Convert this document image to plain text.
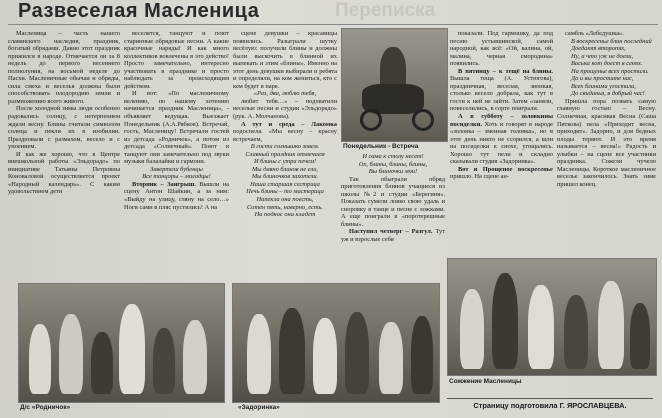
Развеселая Масленица	Переписка

Масленица – часть нашего славянского наследия, праздник, богатый обрядами. Давно этот праздник прижился в народе. Отмечается он за 8 недель до первого весеннего полнолуния, на восьмой неделе до Пасхи. Масленичные обычаи и обряды, сила смеха и веселья должны были способствовать плодородию земли и размножению всего живого.

После холодной зимы люди особенно радовались солнцу, с нетерпением ждали весну. Блины считали символом солнца и пекли их в изобилии. Праздновали с размахом, весело и с упоением.

И как же хорошо, что в Центре внешкольной работы «Эльдорадо» по инициативе Татьяны Петровны Коноваловой осуществляется проект «Народный календарь». С каким удовольствием дети

веселятся, танцуют и поют старинные обрядовые песни. А какие красочные наряды! И как много коллективов вовлечены в это действо! Просто замечательно, интересно участвовать в празднике и просто наблюдать за происходящим действом.

И вот: «По масленичному велению, по нашему хотению начинается праздник Масленица», - объявляет ведущая. Выезжает Понедельник (А.А.Рябков). Встречай, гость, Масленицу! Встречали гостей из детсада «Родничок», а потом из детсада «Солнечный». Поют и танцуют они замечательно под звуки музыки балалайки и гармони.

Завертели бубенцы

Все танцоры – молодцы!

Вторник – Заигрыш. Вышли на сцену Антон Шайкин, а за ним: «Выйду на улицу, гляну на село…» Ноги сами в пляс пустились! А на

сцене девушки – красавицы появились. Разыграли шутку весёлую: получили блины и должны были выскочить в блинной их выпекать и этим «блины». Именно на этот день девушки выбирали и ребята и определяли, на ком жениться, кто с кем будет в паре.

«Раз, два, люблю тебя,

любит тебя…» – подхватили веселые песни и студии «Эльдорадо» (рук. А. Молчанова).

А тут и среда – Лакомка подоспела. «Мы весну – красну встречаем,

В гости солнышко зовем.

Славный праздник отмечаем

И блины с утра печем!

Мы давно блинов не ели,

Мы блиночков захотели.

Наша старшая сестрица

Печь блины – то мастерица

Напекла она поесть,

Сотен пять, наверно, есть.

На поднос она кладет

Понедельник - Встреча

И сама к столу несет!

Ох, блины, блины, блины,

Вы блиночки мои!

Так обыграли обряд приготовления блинов учащиеся из школы №2 и студии «Берегиня». Показать сумели ловко свою удаль и сноровку в танце и песне с ложками. А еще поиграли в «поротерешные блины».

Наступил четверг – Разгул. Тут уж и взрослые себя

показали. Под гармошку, да под песню устьишинской, самой народной, как всё: «Ой, калина, ой, малина, черная смородина» появились.

В пятницу – к тещё на блины. Вышла теща (А. Устюгова), праздничная, веселая, звонкая, столько весело добрала, как тут в гости к ней не зайти. Затем «заняли, повеселились, в сорте поиграли.

А в субботу – золовкины посиделки. Хоть и говорят в народе «золовка – змеиная головка», но в этот день никто не ссорился, а шли на посиделки к снохе, угощались. Хорошо тут пели и складно сказывали студия «Задоринка».

Вот и Прощеное воскресенье пришло. На сцене ан-

самбль «Лебедушка».

В воскресенье блин последний

Доедают второпях,

Ну, а что уж не доели,

Васька кот доест в сенях.

На прощенье всех простили.

Да и вы простите нас,

Всех блинами угостили,

До свиданья, в добрый час!

Пришла пора позвать самую главную гостью – Весну. Солнечная, красивая Весна (Саша Пяткова) пела «Приходит весна, приходит». Задорно, и для бедных плоды теряют. И это время называется – весна!» Радость и улыбки – на сцене все участники праздника. Сожгли чучело Масленицы. Короткое масленичное веселье закончилось. Знать зиме пришел конец.

Д/с «Родничок»	«Задоринка»
Сожжение Масленицы
Страницу подготовила Г. ЯРОСЛАВЦЕВА.
